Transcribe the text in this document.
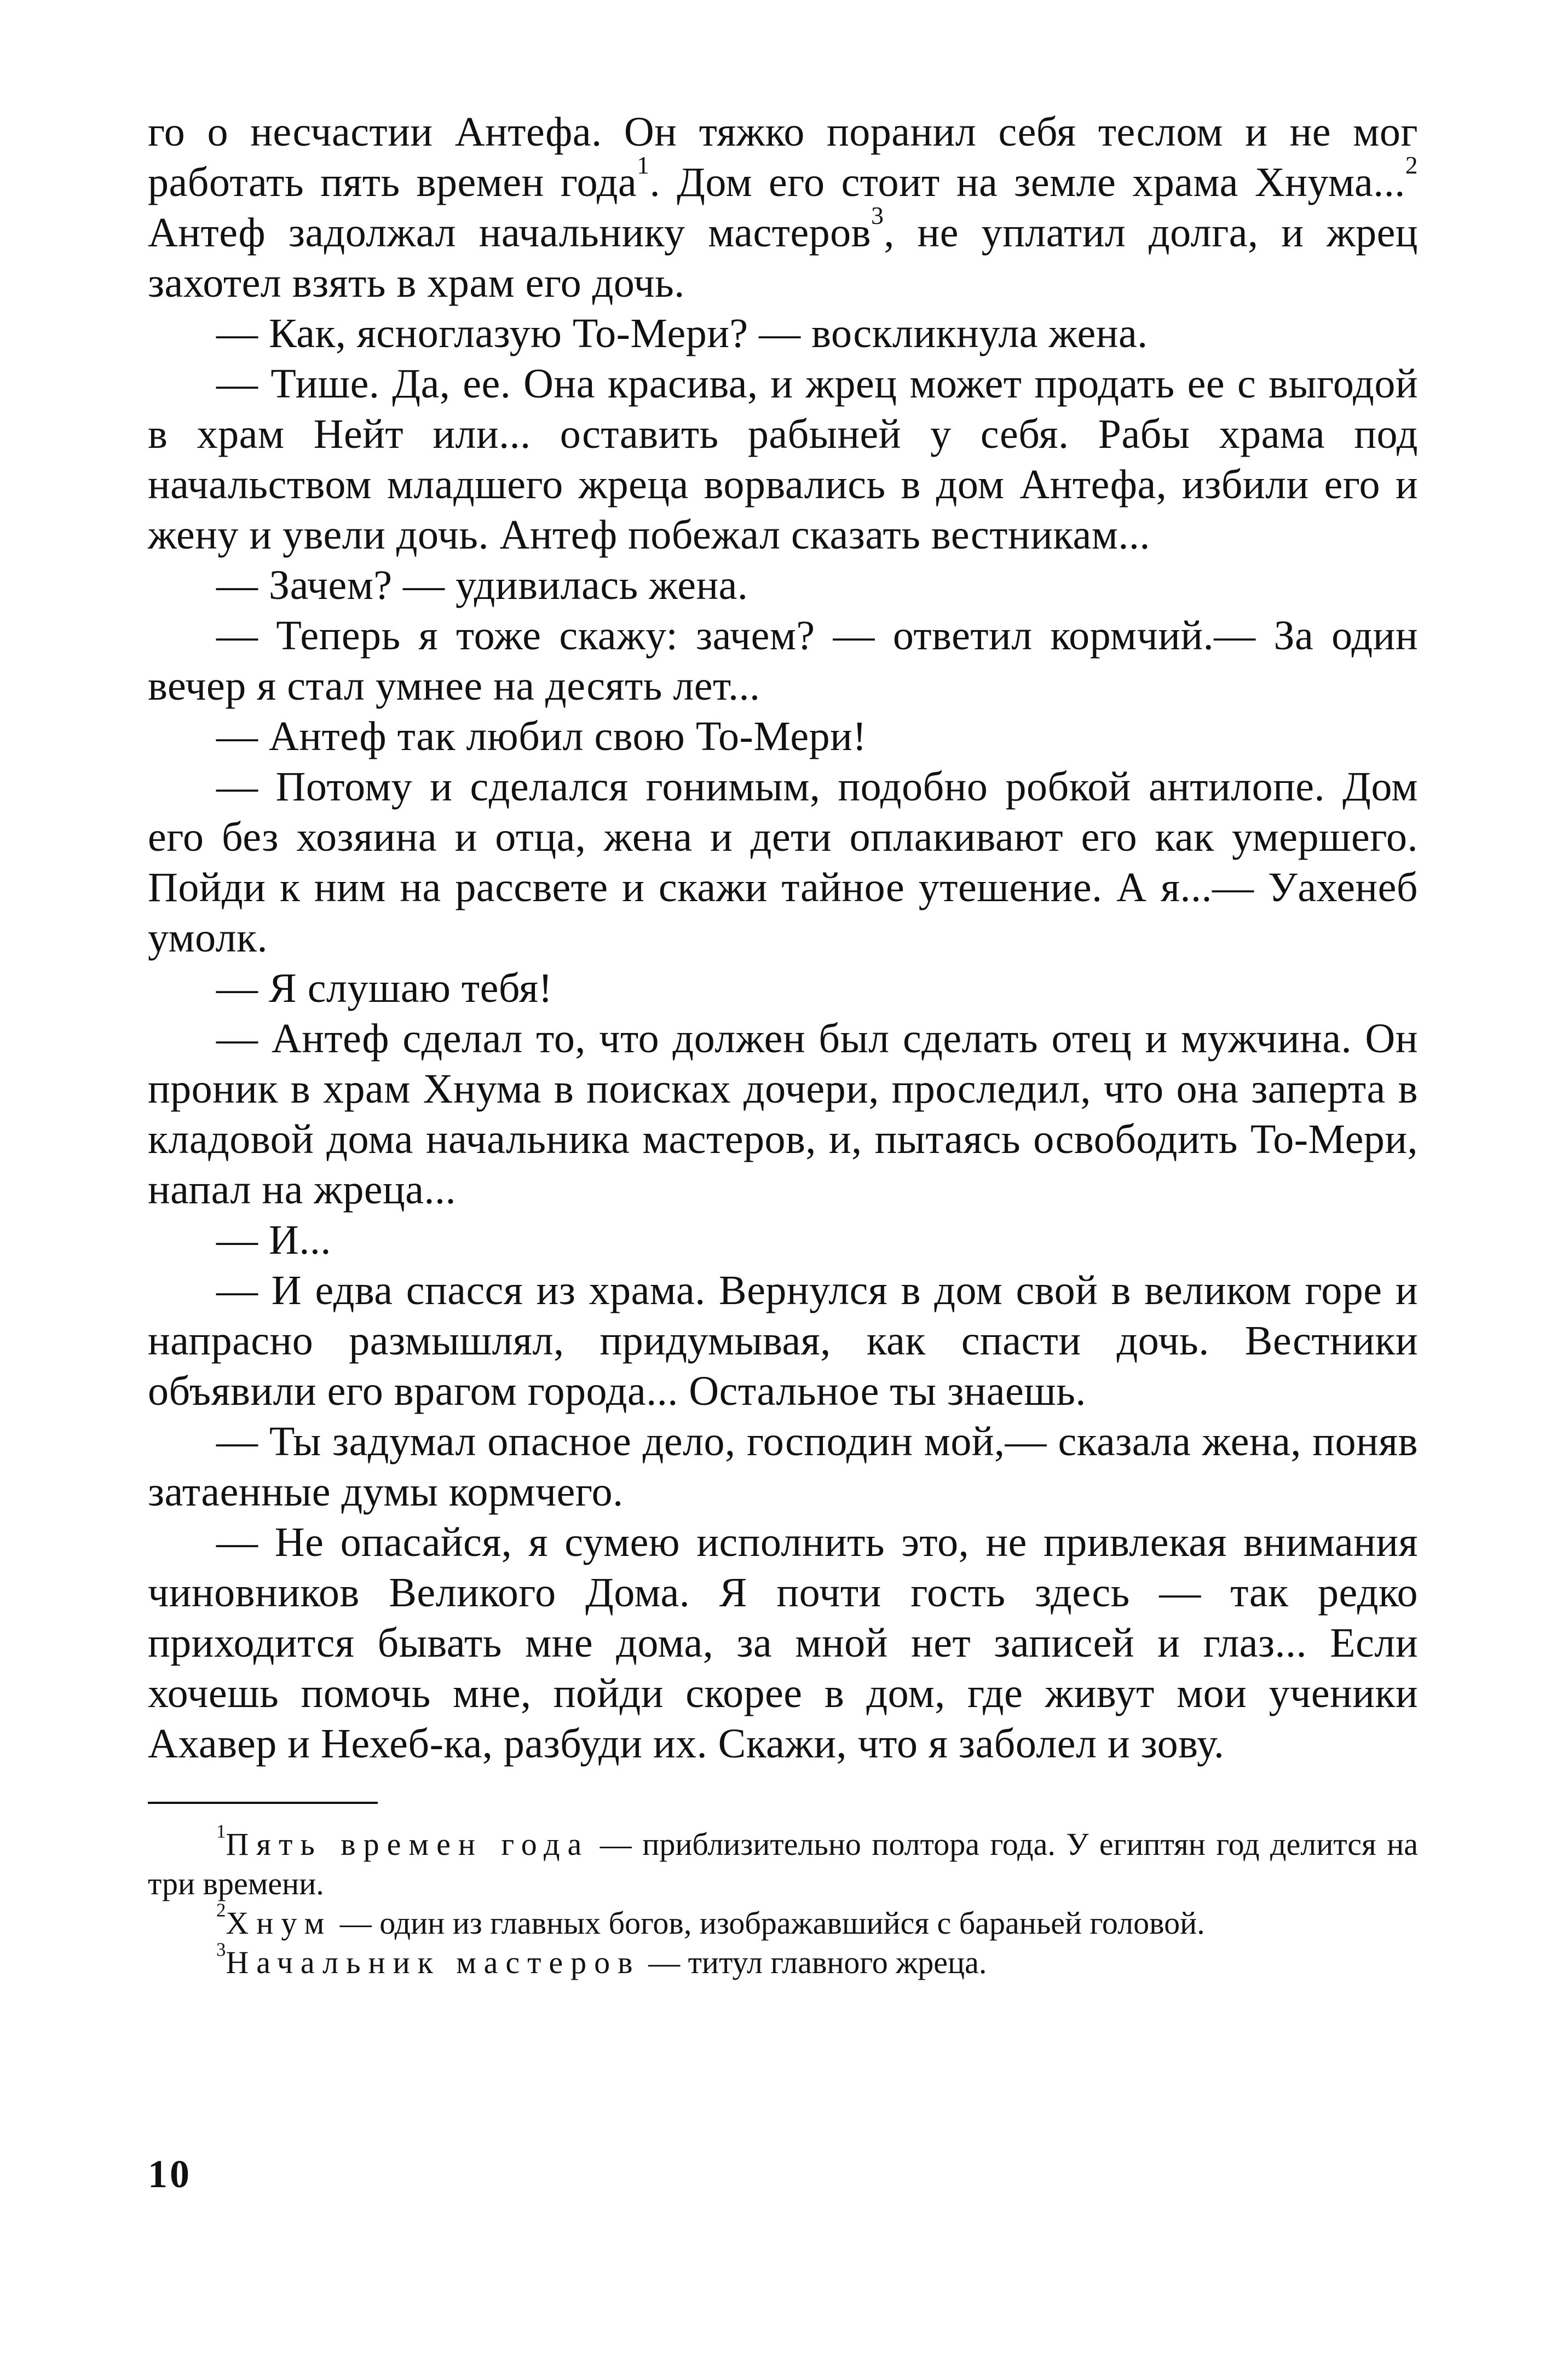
го о несчастии Антефа. Он тяжко поранил себя теслом и не мог работать пять времен года$^1$. Дом его стоит на земле храма Хнума...$^2$ Антеф задолжал начальнику мастеров$^3$, не уплатил долга, и жрец захотел взять в храм его дочь.

— Как, ясноглазую То-Мери? — воскликнула жена.

— Тише. Да, ее. Она красива, и жрец может продать ее с выгодой в храм Нейт или... оставить рабыней у себя. Рабы храма под начальством младшего жреца ворвались в дом Антефа, избили его и жену и увели дочь. Антеф побежал сказать вестникам...

— Зачем? — удивилась жена.

— Теперь я тоже скажу: зачем? — ответил кормчий.— За один вечер я стал умнее на десять лет...

— Антеф так любил свою То-Мери!

— Потому и сделался гонимым, подобно робкой антилопе. Дом его без хозяина и отца, жена и дети оплакивают его как умершего. Пойди к ним на рассвете и скажи тайное утешение. А я...— Уахенеб умолк.

— Я слушаю тебя!

— Антеф сделал то, что должен был сделать отец и мужчина. Он проник в храм Хнума в поисках дочери, проследил, что она заперта в кладовой дома начальника мастеров, и, пытаясь освободить То-Мери, напал на жреца...

— И...

— И едва спасся из храма. Вернулся в дом свой в великом горе и напрасно размышлял, придумывая, как спасти дочь. Вестники объявили его врагом города... Остальное ты знаешь.

— Ты задумал опасное дело, господин мой,— сказала жена, поняв затаенные думы кормчего.

— Не опасайся, я сумею исполнить это, не привлекая внимания чиновников Великого Дома. Я почти гость здесь — так редко приходится бывать мне дома, за мной нет записей и глаз... Если хочешь помочь мне, пойди скорее в дом, где живут мои ученики Ахавер и Нехеб-ка, разбуди их. Скажи, что я заболел и зову.

$^1$Пять времен года — приблизительно полтора года. У египтян год делится на три времени.

$^2$Хнум — один из главных богов, изображавшийся с бараньей головой.

$^3$Начальник мастеров — титул главного жреца.

10
